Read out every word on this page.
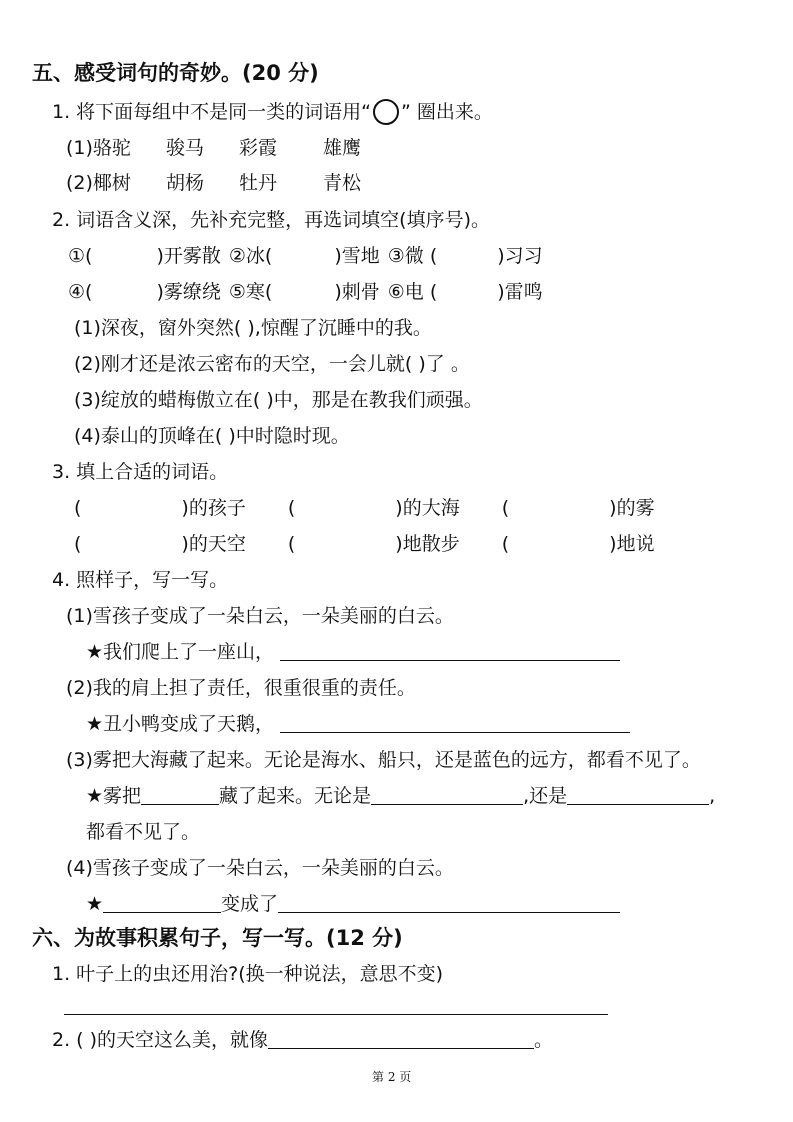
五、感受词句的奇妙。(20 分)
1. 将下面每组中不是同一类的词语用“ ” 圈出来。
(1)骆驼 骏马 彩霞 雄鹰
(2)椰树 胡杨 牡丹 青松
2. 词语含义深，先补充完整，再选词填空(填序号)。
①(	)开雾散 ②冰(	)雪地 ③微 (	)习习
④(	)雾缭绕 ⑤寒(	)刺骨 ⑥电 (	)雷鸣
(1)深夜，窗外突然( ),惊醒了沉睡中的我。
(2)刚才还是浓云密布的天空，一会儿就( )了 。
(3)绽放的蜡梅傲立在( )中，那是在教我们顽强。
(4)泰山的顶峰在( )中时隐时现。
3. 填上合适的词语。
(	)的孩子 (	)的大海 (	)的雾
(	)的天空 (	)地散步 (	)地说
4. 照样子，写一写。
(1)雪孩子变成了一朵白云，一朵美丽的白云。
★我们爬上了一座山，
(2)我的肩上担了责任，很重很重的责任。
★丑小鸭变成了天鹅，
(3)雾把大海藏了起来。无论是海水、船只，还是蓝色的远方，都看不见了。
★雾把	藏了起来。无论是	,还是	,
都看不见了。
(4)雪孩子变成了一朵白云，一朵美丽的白云。
★	变成了
六、为故事积累句子，写一写。(12 分)
1. 叶子上的虫还用治?(换一种说法，意思不变)
2. ( )的天空这么美，就像	。
第 2 页
